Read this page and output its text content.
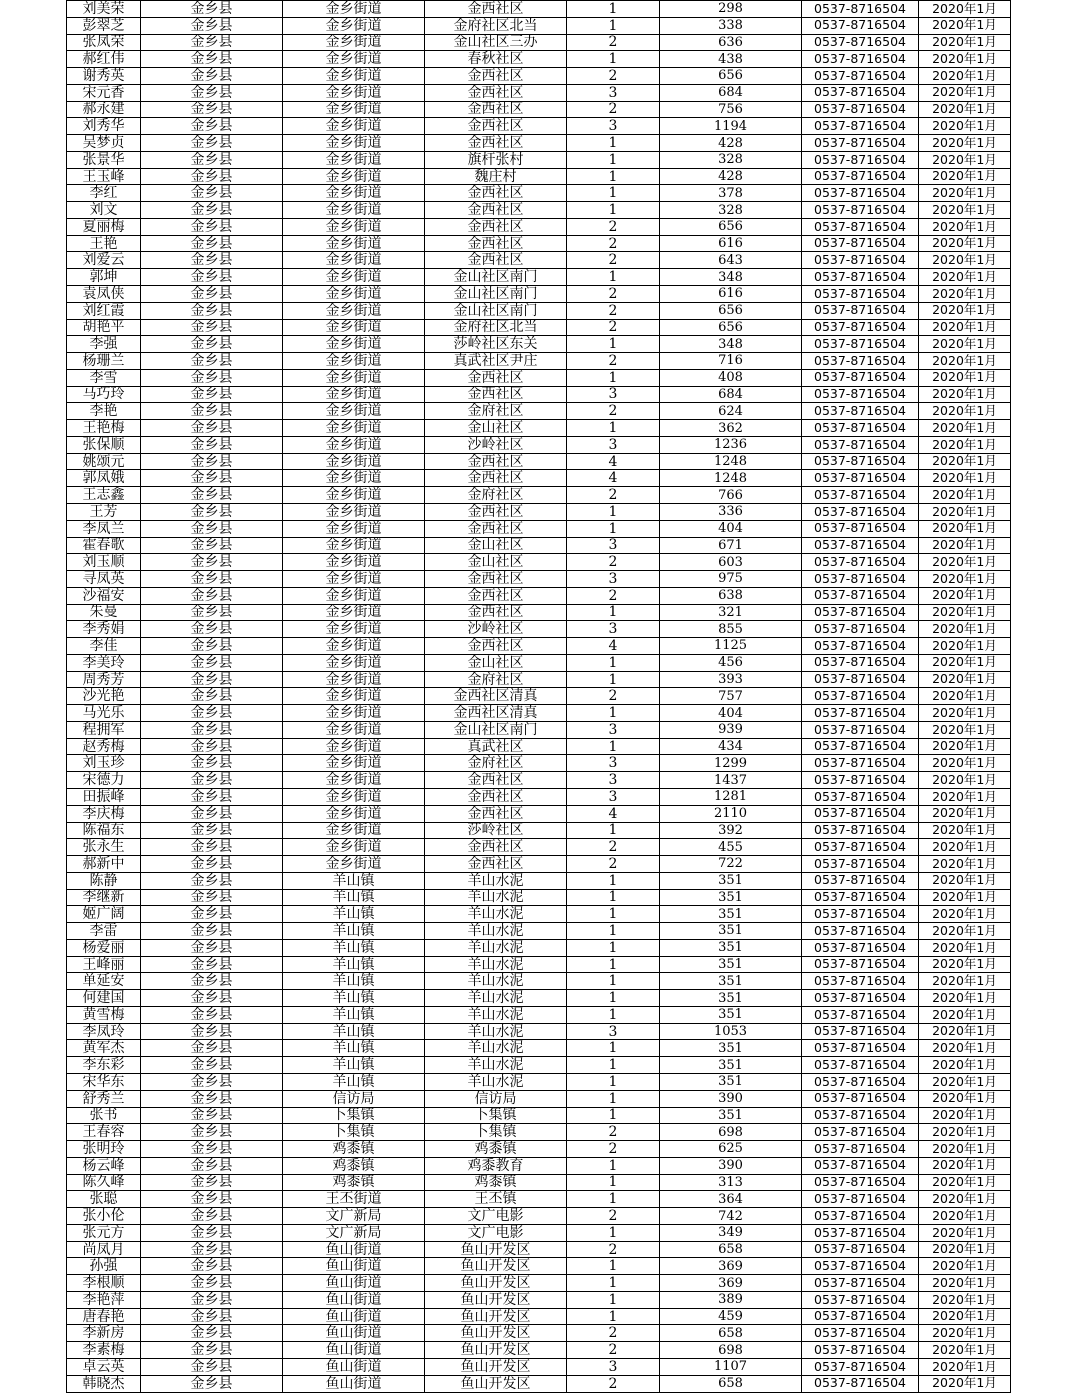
刘美荣	金乡县	金乡街道	金西社区	1	298	0537-8716504	2020年1月
彭翠芝	金乡县	金乡街道	金府社区北当	1	338	0537-8716504	2020年1月
张凤荣	金乡县	金乡街道	金山社区三办	2	636	0537-8716504	2020年1月
郝红伟	金乡县	金乡街道	春秋社区	1	438	0537-8716504	2020年1月
谢秀英	金乡县	金乡街道	金西社区	2	656	0537-8716504	2020年1月
宋元香	金乡县	金乡街道	金西社区	3	684	0537-8716504	2020年1月
郝永建	金乡县	金乡街道	金西社区	2	756	0537-8716504	2020年1月
刘秀华	金乡县	金乡街道	金西社区	3	1194	0537-8716504	2020年1月
吴梦贞	金乡县	金乡街道	金西社区	1	428	0537-8716504	2020年1月
张景华	金乡县	金乡街道	旗杆张村	1	328	0537-8716504	2020年1月
王玉峰	金乡县	金乡街道	魏庄村	1	428	0537-8716504	2020年1月
李红	金乡县	金乡街道	金西社区	1	378	0537-8716504	2020年1月
刘文	金乡县	金乡街道	金西社区	1	328	0537-8716504	2020年1月
夏丽梅	金乡县	金乡街道	金西社区	2	656	0537-8716504	2020年1月
王艳	金乡县	金乡街道	金西社区	2	616	0537-8716504	2020年1月
刘爱云	金乡县	金乡街道	金西社区	2	643	0537-8716504	2020年1月
郭坤	金乡县	金乡街道	金山社区南门	1	348	0537-8716504	2020年1月
袁凤侠	金乡县	金乡街道	金山社区南门	2	616	0537-8716504	2020年1月
刘红霞	金乡县	金乡街道	金山社区南门	2	656	0537-8716504	2020年1月
胡艳平	金乡县	金乡街道	金府社区北当	2	656	0537-8716504	2020年1月
李强	金乡县	金乡街道	莎岭社区东关	1	348	0537-8716504	2020年1月
杨珊兰	金乡县	金乡街道	真武社区尹庄	2	716	0537-8716504	2020年1月
李雪	金乡县	金乡街道	金西社区	1	408	0537-8716504	2020年1月
马巧玲	金乡县	金乡街道	金西社区	3	684	0537-8716504	2020年1月
李艳	金乡县	金乡街道	金府社区	2	624	0537-8716504	2020年1月
王艳梅	金乡县	金乡街道	金山社区	1	362	0537-8716504	2020年1月
张保顺	金乡县	金乡街道	沙岭社区	3	1236	0537-8716504	2020年1月
姚颂元	金乡县	金乡街道	金西社区	4	1248	0537-8716504	2020年1月
郭凤娥	金乡县	金乡街道	金西社区	4	1248	0537-8716504	2020年1月
王志鑫	金乡县	金乡街道	金府社区	2	766	0537-8716504	2020年1月
王芳	金乡县	金乡街道	金西社区	1	336	0537-8716504	2020年1月
李凤兰	金乡县	金乡街道	金西社区	1	404	0537-8716504	2020年1月
霍春歌	金乡县	金乡街道	金山社区	3	671	0537-8716504	2020年1月
刘玉顺	金乡县	金乡街道	金山社区	2	603	0537-8716504	2020年1月
寻凤英	金乡县	金乡街道	金西社区	3	975	0537-8716504	2020年1月
沙福安	金乡县	金乡街道	金西社区	2	638	0537-8716504	2020年1月
朱曼	金乡县	金乡街道	金西社区	1	321	0537-8716504	2020年1月
李秀娟	金乡县	金乡街道	沙岭社区	3	855	0537-8716504	2020年1月
李佳	金乡县	金乡街道	金西社区	4	1125	0537-8716504	2020年1月
李美玲	金乡县	金乡街道	金山社区	1	456	0537-8716504	2020年1月
周秀芳	金乡县	金乡街道	金府社区	1	393	0537-8716504	2020年1月
沙光艳	金乡县	金乡街道	金西社区清真	2	757	0537-8716504	2020年1月
马光乐	金乡县	金乡街道	金西社区清真	1	404	0537-8716504	2020年1月
程拥军	金乡县	金乡街道	金山社区南门	3	939	0537-8716504	2020年1月
赵秀梅	金乡县	金乡街道	真武社区	1	434	0537-8716504	2020年1月
刘玉珍	金乡县	金乡街道	金府社区	3	1299	0537-8716504	2020年1月
宋德力	金乡县	金乡街道	金西社区	3	1437	0537-8716504	2020年1月
田振峰	金乡县	金乡街道	金西社区	3	1281	0537-8716504	2020年1月
李庆梅	金乡县	金乡街道	金西社区	4	2110	0537-8716504	2020年1月
陈福东	金乡县	金乡街道	莎岭社区	1	392	0537-8716504	2020年1月
张永生	金乡县	金乡街道	金西社区	2	455	0537-8716504	2020年1月
郝新中	金乡县	金乡街道	金西社区	2	722	0537-8716504	2020年1月
陈静	金乡县	羊山镇	羊山水泥	1	351	0537-8716504	2020年1月
李继新	金乡县	羊山镇	羊山水泥	1	351	0537-8716504	2020年1月
姬广阔	金乡县	羊山镇	羊山水泥	1	351	0537-8716504	2020年1月
李雷	金乡县	羊山镇	羊山水泥	1	351	0537-8716504	2020年1月
杨爱丽	金乡县	羊山镇	羊山水泥	1	351	0537-8716504	2020年1月
王峰丽	金乡县	羊山镇	羊山水泥	1	351	0537-8716504	2020年1月
单延安	金乡县	羊山镇	羊山水泥	1	351	0537-8716504	2020年1月
何建国	金乡县	羊山镇	羊山水泥	1	351	0537-8716504	2020年1月
黄雪梅	金乡县	羊山镇	羊山水泥	1	351	0537-8716504	2020年1月
李凤玲	金乡县	羊山镇	羊山水泥	3	1053	0537-8716504	2020年1月
黄军杰	金乡县	羊山镇	羊山水泥	1	351	0537-8716504	2020年1月
李东彩	金乡县	羊山镇	羊山水泥	1	351	0537-8716504	2020年1月
宋华东	金乡县	羊山镇	羊山水泥	1	351	0537-8716504	2020年1月
舒秀兰	金乡县	信访局	信访局	1	390	0537-8716504	2020年1月
张书	金乡县	卜集镇	卜集镇	1	351	0537-8716504	2020年1月
王春容	金乡县	卜集镇	卜集镇	2	698	0537-8716504	2020年1月
张明玲	金乡县	鸡黍镇	鸡黍镇	2	625	0537-8716504	2020年1月
杨云峰	金乡县	鸡黍镇	鸡黍教育	1	390	0537-8716504	2020年1月
陈久峰	金乡县	鸡黍镇	鸡黍镇	1	313	0537-8716504	2020年1月
张聪	金乡县	王丕街道	王丕镇	1	364	0537-8716504	2020年1月
张小伦	金乡县	文广新局	文广电影	2	742	0537-8716504	2020年1月
张元方	金乡县	文广新局	文广电影	1	349	0537-8716504	2020年1月
尚凤月	金乡县	鱼山街道	鱼山开发区	2	658	0537-8716504	2020年1月
孙强	金乡县	鱼山街道	鱼山开发区	1	369	0537-8716504	2020年1月
李根顺	金乡县	鱼山街道	鱼山开发区	1	369	0537-8716504	2020年1月
李艳萍	金乡县	鱼山街道	鱼山开发区	1	389	0537-8716504	2020年1月
唐春艳	金乡县	鱼山街道	鱼山开发区	1	459	0537-8716504	2020年1月
李新房	金乡县	鱼山街道	鱼山开发区	2	658	0537-8716504	2020年1月
李素梅	金乡县	鱼山街道	鱼山开发区	2	698	0537-8716504	2020年1月
卓云英	金乡县	鱼山街道	鱼山开发区	3	1107	0537-8716504	2020年1月
韩晓杰	金乡县	鱼山街道	鱼山开发区	2	658	0537-8716504	2020年1月
